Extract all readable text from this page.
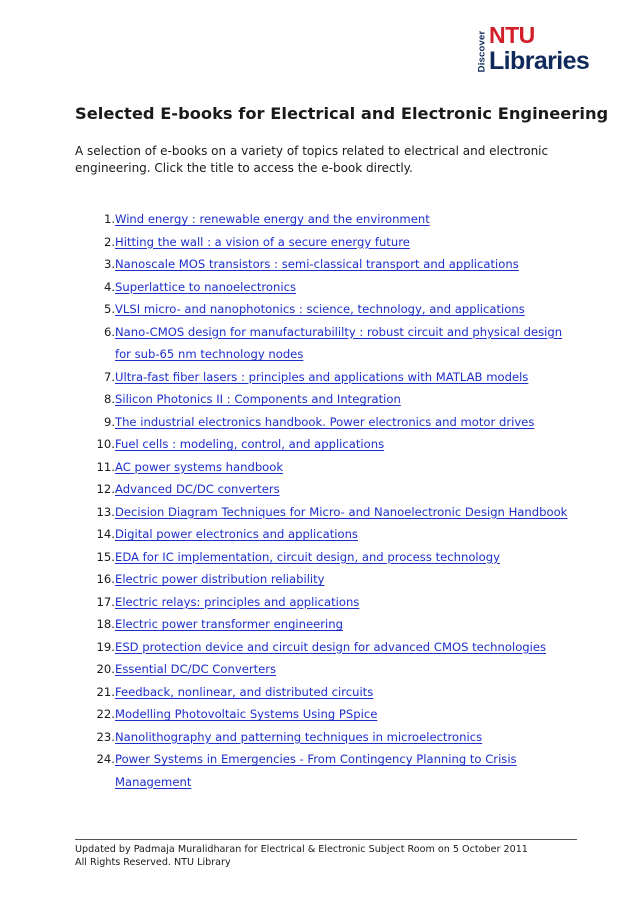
Discover NTU
Libraries
Selected E-books for Electrical and Electronic Engineering

A selection of e-books on a variety of topics related to electrical and electronic engineering. Click the title to access the e-book directly.

1. Wind energy : renewable energy and the environment
2. Hitting the wall : a vision of a secure energy future
3. Nanoscale MOS transistors : semi-classical transport and applications
4. Superlattice to nanoelectronics
5. VLSI micro- and nanophotonics : science, technology, and applications
6. Nano-CMOS design for manufacturabililty : robust circuit and physical design for sub-65 nm technology nodes
7. Ultra-fast fiber lasers : principles and applications with MATLAB models
8. Silicon Photonics II : Components and Integration
9. The industrial electronics handbook. Power electronics and motor drives
10. Fuel cells : modeling, control, and applications
11. AC power systems handbook
12. Advanced DC/DC converters
13. Decision Diagram Techniques for Micro- and Nanoelectronic Design Handbook
14. Digital power electronics and applications
15. EDA for IC implementation, circuit design, and process technology
16. Electric power distribution reliability
17. Electric relays: principles and applications
18. Electric power transformer engineering
19. ESD protection device and circuit design for advanced CMOS technologies
20. Essential DC/DC Converters
21. Feedback, nonlinear, and distributed circuits
22. Modelling Photovoltaic Systems Using PSpice
23. Nanolithography and patterning techniques in microelectronics
24. Power Systems in Emergencies - From Contingency Planning to Crisis Management
Updated by Padmaja Muralidharan for Electrical & Electronic Subject Room on 5 October 2011
All Rights Reserved. NTU Library
